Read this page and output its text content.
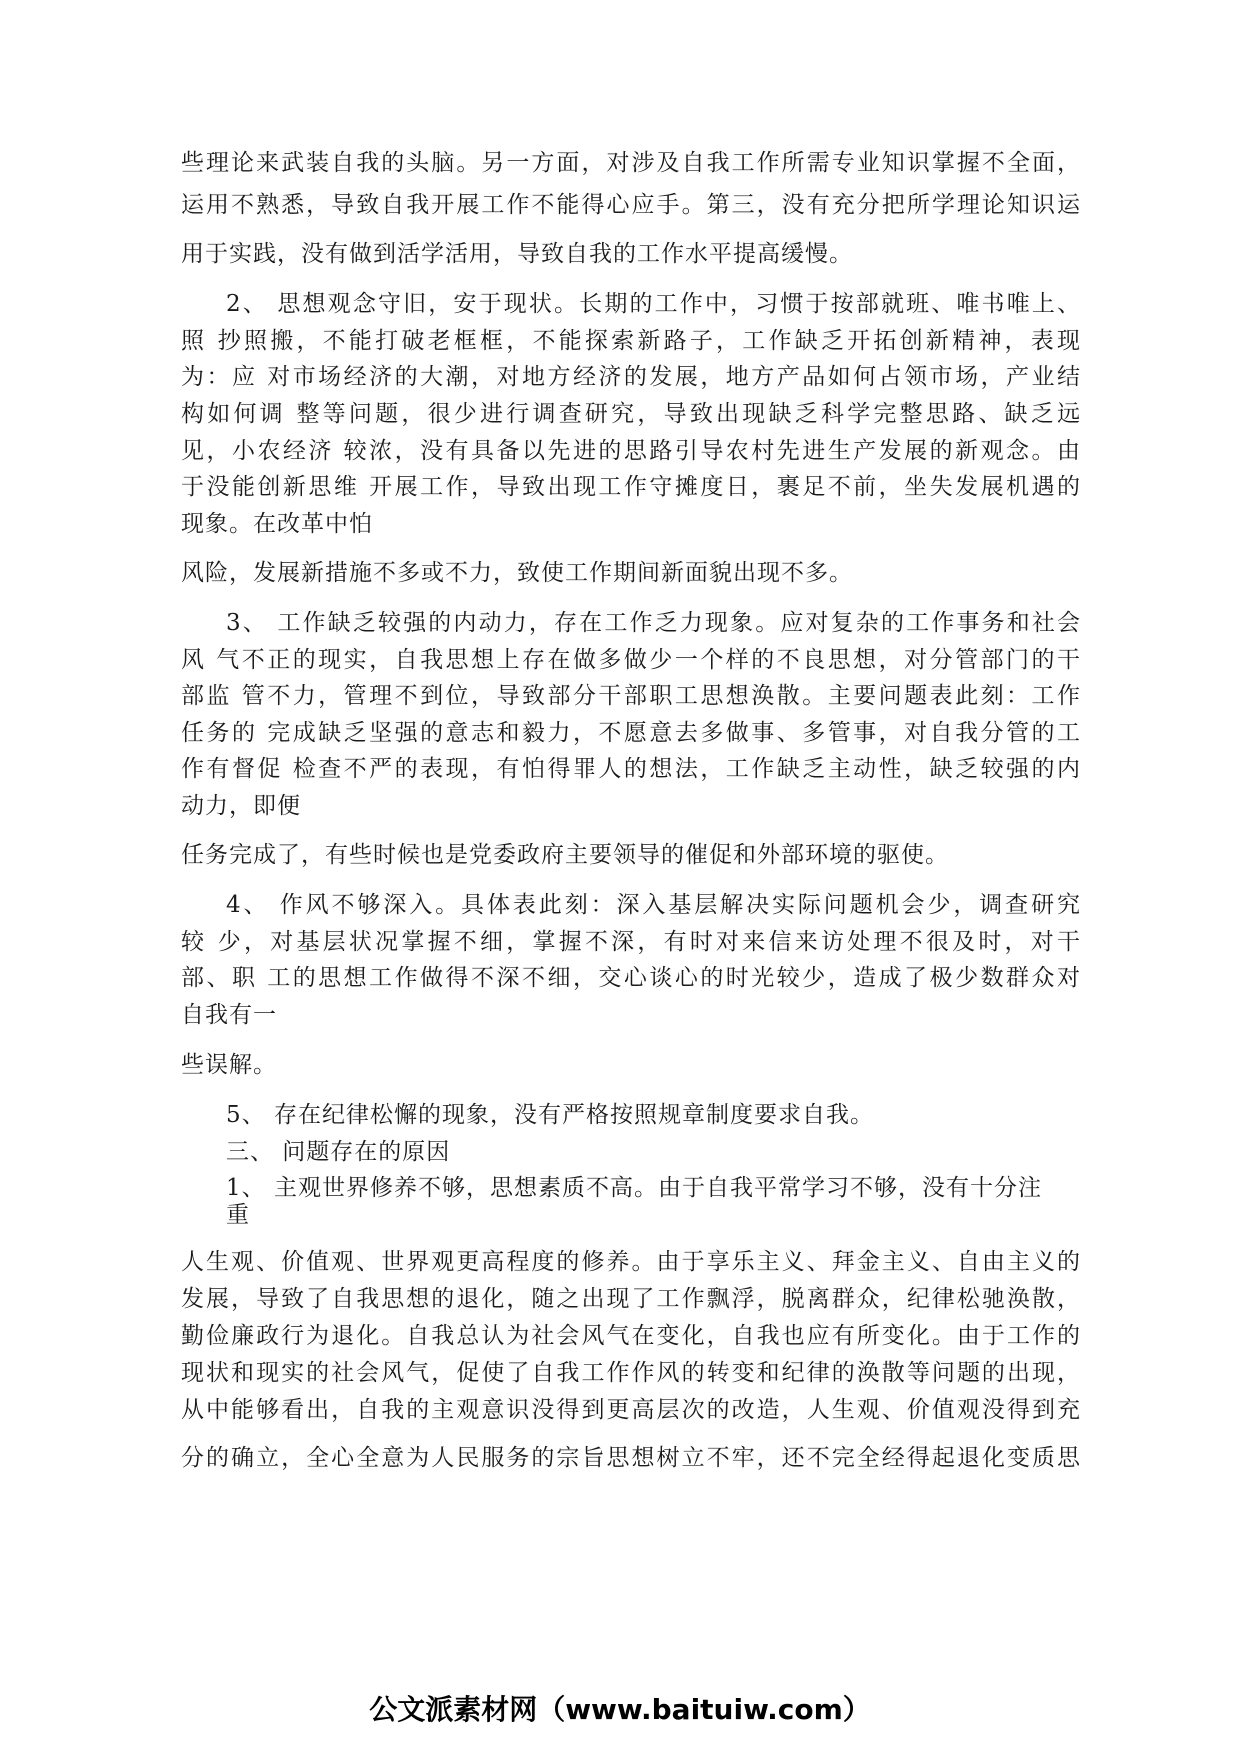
些理论来武装自我的头脑。另一方面，对涉及自我工作所需专业知识掌握不全面，
运用不熟悉，导致自我开展工作不能得心应手。第三，没有充分把所学理论知识运
用于实践，没有做到活学活用，导致自我的工作水平提高缓慢。
2、 思想观念守旧，安于现状。长期的工作中，习惯于按部就班、唯书唯上、
照 抄照搬，不能打破老框框，不能探索新路子，工作缺乏开拓创新精神，表现
为：应 对市场经济的大潮，对地方经济的发展，地方产品如何占领市场，产业结
构如何调 整等问题，很少进行调查研究，导致出现缺乏科学完整思路、缺乏远
见，小农经济 较浓，没有具备以先进的思路引导农村先进生产发展的新观念。由
于没能创新思维 开展工作，导致出现工作守摊度日，裹足不前，坐失发展机遇的
现象。在改革中怕
风险，发展新措施不多或不力，致使工作期间新面貌出现不多。
3、 工作缺乏较强的内动力，存在工作乏力现象。应对复杂的工作事务和社会
风 气不正的现实，自我思想上存在做多做少一个样的不良思想，对分管部门的干
部监 管不力，管理不到位，导致部分干部职工思想涣散。主要问题表此刻：工作
任务的 完成缺乏坚强的意志和毅力，不愿意去多做事、多管事，对自我分管的工
作有督促 检查不严的表现，有怕得罪人的想法，工作缺乏主动性，缺乏较强的内
动力，即便
任务完成了，有些时候也是党委政府主要领导的催促和外部环境的驱使。
4、 作风不够深入。具体表此刻：深入基层解决实际问题机会少，调查研究
较 少，对基层状况掌握不细，掌握不深，有时对来信来访处理不很及时，对干
部、职 工的思想工作做得不深不细，交心谈心的时光较少，造成了极少数群众对
自我有一
些误解。
5、 存在纪律松懈的现象，没有严格按照规章制度要求自我。
三、 问题存在的原因
1、 主观世界修养不够，思想素质不高。由于自我平常学习不够，没有十分注
重
人生观、价值观、世界观更高程度的修养。由于享乐主义、拜金主义、自由主义的
发展，导致了自我思想的退化，随之出现了工作飘浮，脱离群众，纪律松驰涣散，
勤俭廉政行为退化。自我总认为社会风气在变化，自我也应有所变化。由于工作的
现状和现实的社会风气，促使了自我工作作风的转变和纪律的涣散等问题的出现，
从中能够看出，自我的主观意识没得到更高层次的改造，人生观、价值观没得到充
分的确立，全心全意为人民服务的宗旨思想树立不牢，还不完全经得起退化变质思
公文派素材网（www.baituiw.com）
